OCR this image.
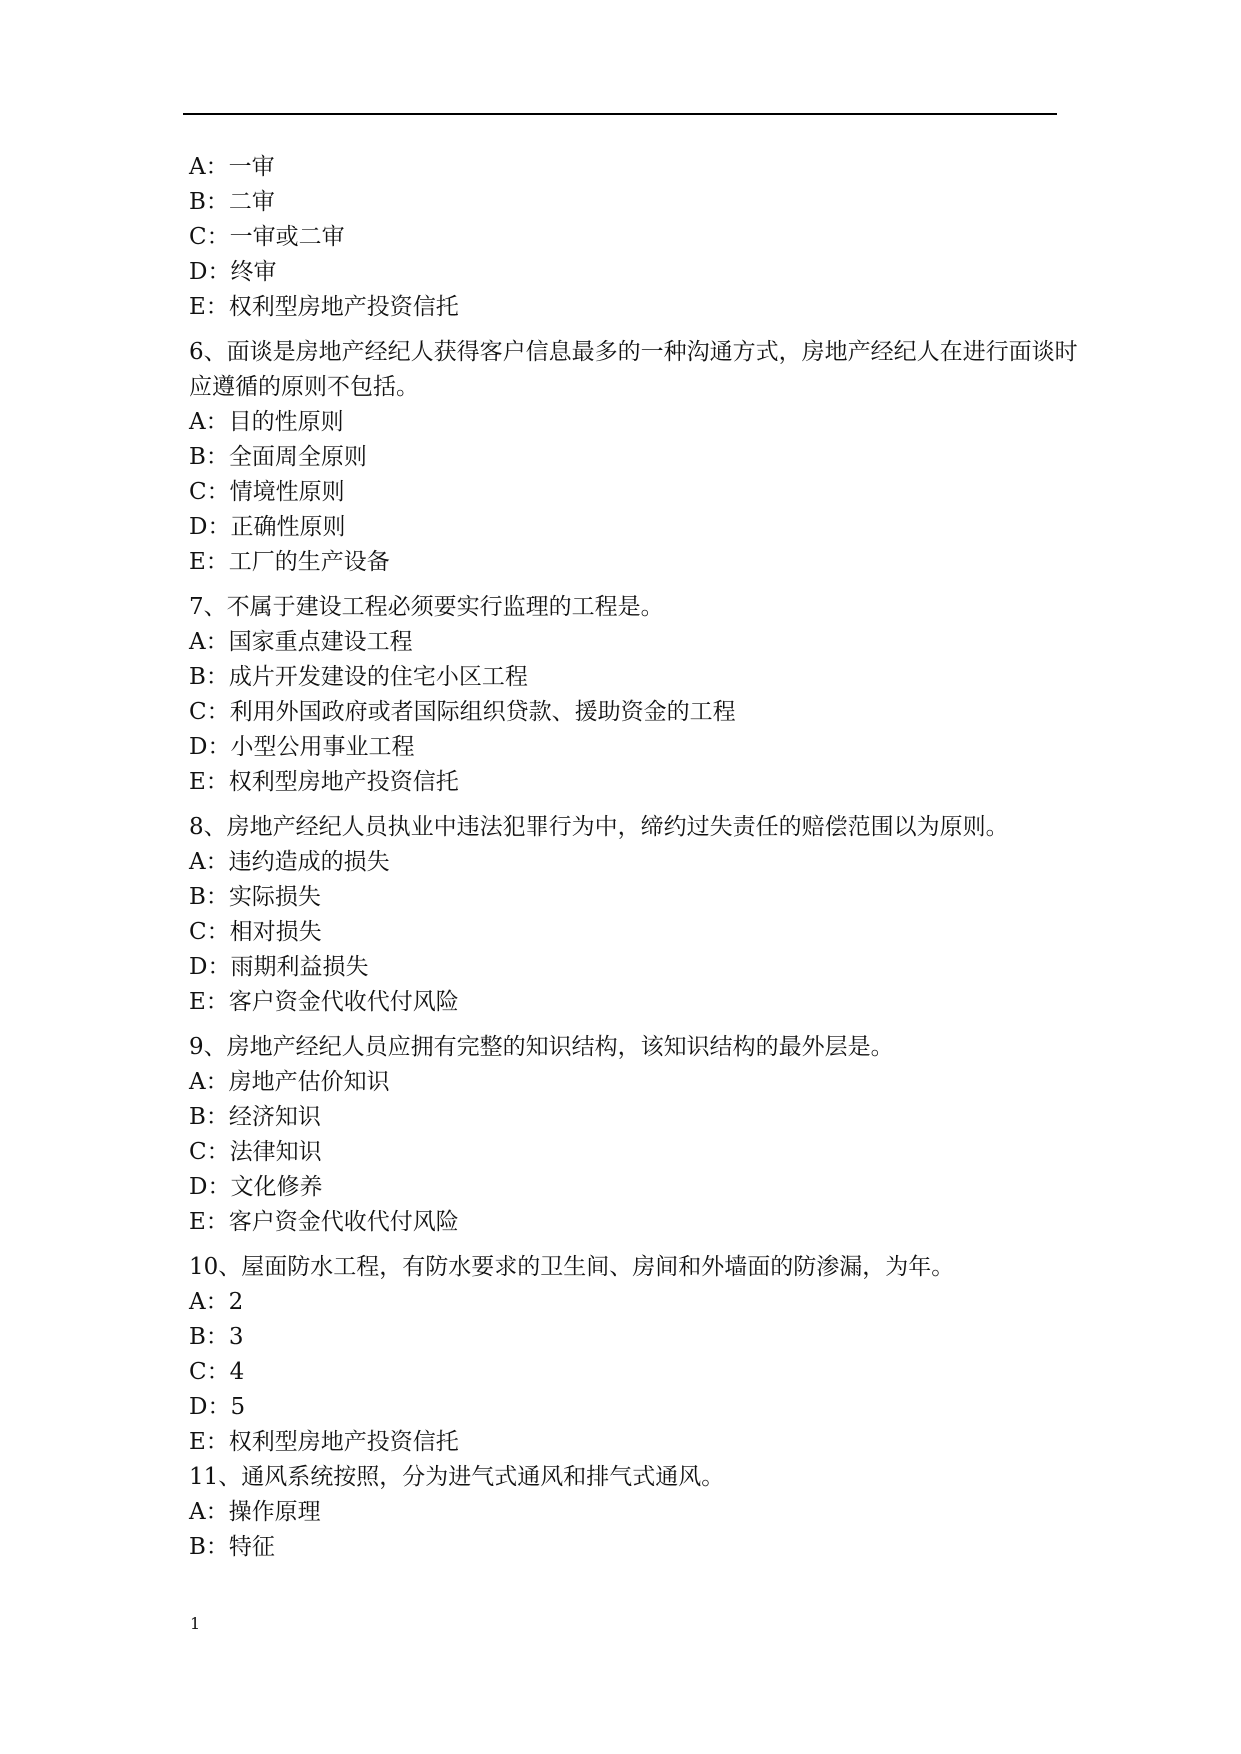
A：一审
B：二审
C：一审或二审
D：终审
E：权利型房地产投资信托
6、面谈是房地产经纪人获得客户信息最多的一种沟通方式，房地产经纪人在进行面谈时应遵循的原则不包括。
A：目的性原则
B：全面周全原则
C：情境性原则
D：正确性原则
E：工厂的生产设备
7、不属于建设工程必须要实行监理的工程是。
A：国家重点建设工程
B：成片开发建设的住宅小区工程
C：利用外国政府或者国际组织贷款、援助资金的工程
D：小型公用事业工程
E：权利型房地产投资信托
8、房地产经纪人员执业中违法犯罪行为中，缔约过失责任的赔偿范围以为原则。
A：违约造成的损失
B：实际损失
C：相对损失
D：雨期利益损失
E：客户资金代收代付风险
9、房地产经纪人员应拥有完整的知识结构，该知识结构的最外层是。
A：房地产估价知识
B：经济知识
C：法律知识
D：文化修养
E：客户资金代收代付风险
10、屋面防水工程，有防水要求的卫生间、房间和外墙面的防渗漏，为年。
A：2
B：3
C：4
D：5
E：权利型房地产投资信托
11、通风系统按照，分为进气式通风和排气式通风。
A：操作原理
B：特征
1
